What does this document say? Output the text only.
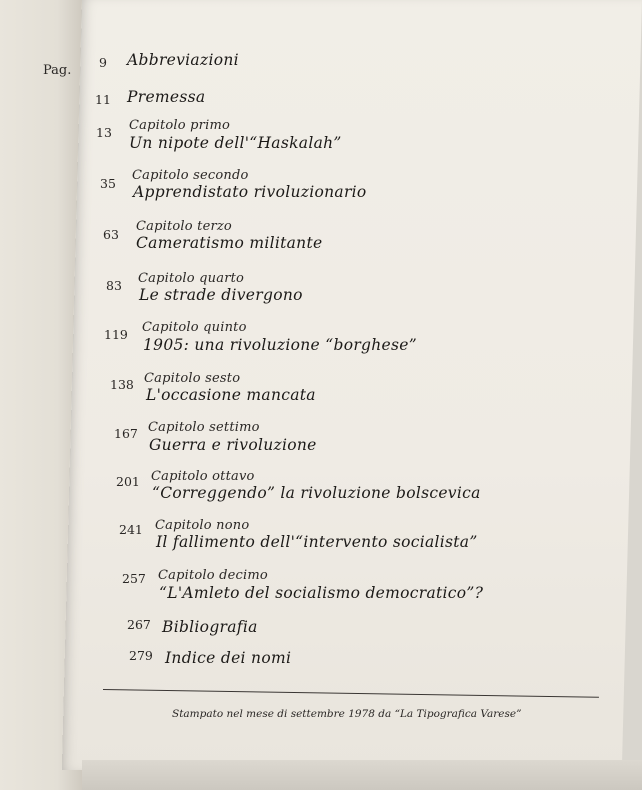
Pag.
9 Abbreviazioni
11 Premessa
13 Capitolo primo
Un nipote dell'“Haskalah”
35
Capitolo secondo
Apprendistato rivoluzionario
63
Capitolo terzo
Cameratismo militante
83 Capitolo quarto
Le strade divergono
119 Capitolo quinto
1905: una rivoluzione “borghese”
138 Capitolo sesto
L'occasione mancata
167 Capitolo settimo
Guerra e rivoluzione
201 Capitolo ottavo
“Correggendo” la rivoluzione bolscevica
241 Capitolo nono
Il fallimento dell'“intervento socialista”
257 Capitolo decimo
“L'Amleto del socialismo democratico”?
267 Bibliografia
279 Indice dei nomi
Stampato nel mese di settembre 1978 da “La Tipografica Varese”
